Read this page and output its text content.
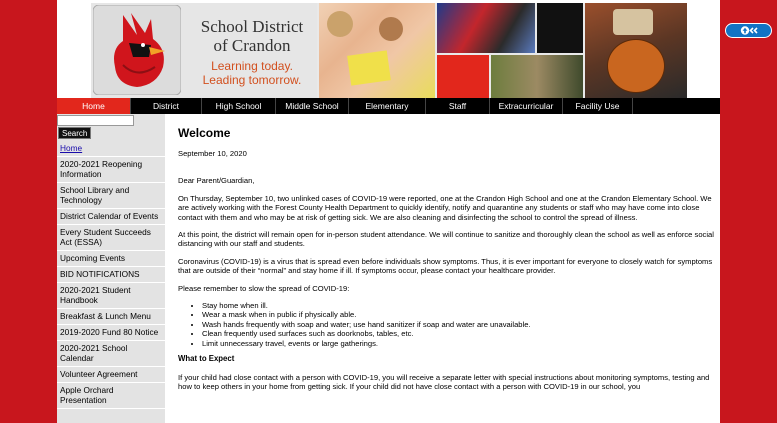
School District
of Crandon
Learning today.
Leading tomorrow.
Home	District	High School	Middle School	Elementary	Staff	Extracurricular	Facility Use
Search
Home
2020-2021 Reopening Information
School Library and Technology
District Calendar of Events
Every Student Succeeds Act (ESSA)
Upcoming Events
BID NOTIFICATIONS
2020-2021 Student Handbook
Breakfast & Lunch Menu
2019-2020 Fund 80 Notice
2020-2021 School Calendar
Volunteer Agreement
Apple Orchard Presentation
Welcome

September 10, 2020

Dear Parent/Guardian,

On Thursday, September 10, two unlinked cases of COVID-19 were reported, one at the Crandon High School and one at the Crandon Elementary School. We are actively working with the Forest County Health Department to quickly identify, notify and quarantine any students or staff who may have come into close contact with them and who may be at risk of getting sick. We are also cleaning and disinfecting the school to control the spread of illness.

At this point, the district will remain open for in-person student attendance. We will continue to sanitize and thoroughly clean the school as well as enforce social distancing with our staff and students.

Coronavirus (COVID-19) is a virus that is spread even before individuals show symptoms. Thus, it is ever important for everyone to closely watch for symptoms that are outside of their “normal” and stay home if ill. If symptoms occur, please contact your healthcare provider.

Please remember to slow the spread of COVID-19:

• Stay home when ill.
• Wear a mask when in public if physically able.
• Wash hands frequently with soap and water; use hand sanitizer if soap and water are unavailable.
• Clean frequently used surfaces such as doorknobs, tables, etc.
• Limit unnecessary travel, events or large gatherings.
What to Expect

If your child had close contact with a person with COVID-19, you will receive a separate letter with special instructions about monitoring symptoms, testing and how to keep others in your home from getting sick. If your child did not have close contact with a person with COVID-19 in our school, you
